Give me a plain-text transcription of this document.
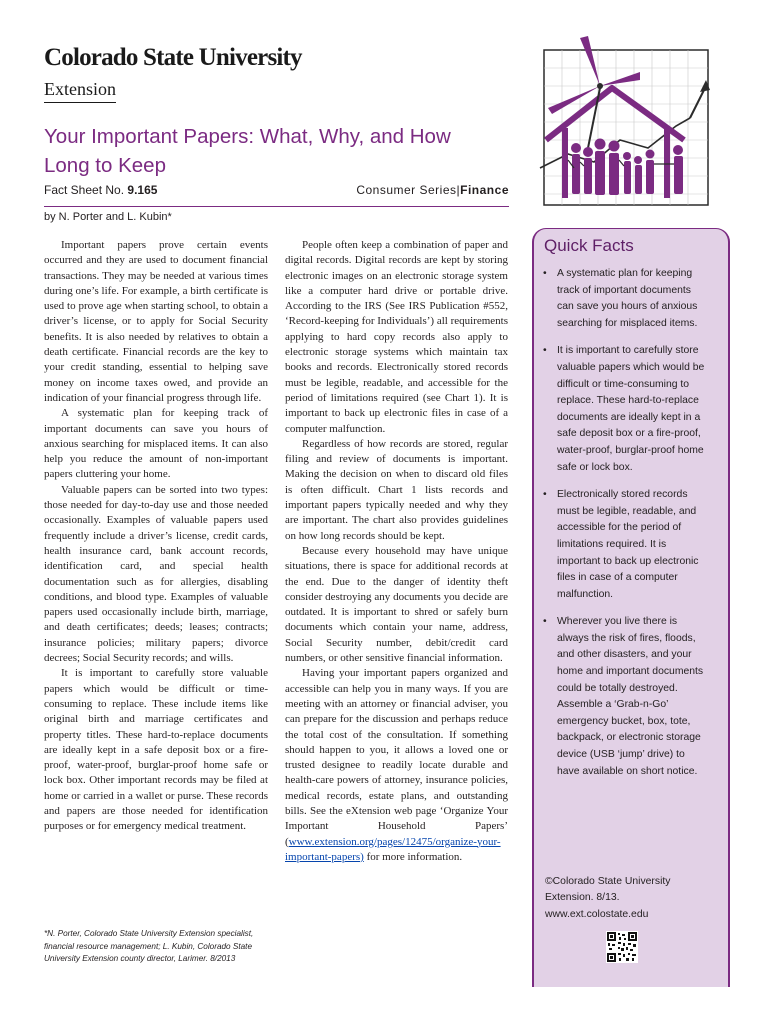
Colorado State University
Extension
Your Important Papers: What, Why, and How Long to Keep
Fact Sheet No. 9.165	Consumer Series|Finance
by N. Porter and L. Kubin*

Important papers prove certain events occurred and they are used to document financial transactions. They may be needed at various times during one’s life. For example, a birth certificate is used to prove age when starting school, to obtain a driver’s license, or to apply for Social Security benefits. It is also needed by relatives to obtain a death certificate. Financial records are the key to your credit standing, essential to helping save money on income taxes owed, and provide an indication of your financial progress through life.

A systematic plan for keeping track of important documents can save you hours of anxious searching for misplaced items. It can also help you reduce the amount of non-important papers cluttering your home.

Valuable papers can be sorted into two types: those needed for day-to-day use and those needed occasionally. Examples of valuable papers used frequently include a driver’s license, credit cards, health insurance card, bank account records, identification card, and special health documentation such as for allergies, disabling conditions, and blood type. Examples of valuable papers used occasionally include birth, marriage, and death certificates; deeds; leases; contracts; insurance policies; military papers; divorce decrees; Social Security records; and wills.

It is important to carefully store valuable papers which would be difficult or time-consuming to replace. These include items like original birth and marriage certificates and property titles. These hard-to-replace documents are ideally kept in a safe deposit box or a fire-proof, water-proof, burglar-proof home safe or lock box. Other important records may be filed at home or carried in a wallet or purse. These records and papers are those needed for identification purposes or for emergency medical treatment.

People often keep a combination of paper and digital records. Digital records are kept by storing electronic images on an electronic storage system like a computer hard drive or portable drive. According to the IRS (See IRS Publication #552, ‘Record-keeping for Individuals’) all requirements applying to hard copy records also apply to electronic storage systems which maintain tax books and records. Electronically stored records must be legible, readable, and accessible for the period of limitations required (see Chart 1). It is important to back up electronic files in case of a computer malfunction.

Regardless of how records are stored, regular filing and review of documents is important. Making the decision on when to discard old files is often difficult. Chart 1 lists records and important papers typically needed and why they are important. The chart also provides guidelines on how long records should be kept.

Because every household may have unique situations, there is space for additional records at the end. Due to the danger of identity theft consider destroying any documents you decide are outdated. It is important to shred or safely burn documents which contain your name, address, Social Security number, debit/credit card numbers, or other sensitive financial information.

Having your important papers organized and accessible can help you in many ways. If you are meeting with an attorney or financial adviser, you can prepare for the discussion and perhaps reduce the total cost of the consultation. If something should happen to you, it allows a loved one or trusted designee to readily locate durable and health-care powers of attorney, insurance policies, medical records, estate plans, and outstanding bills. See the eXtension web page ‘Organize Your Important Household Papers’ (www.extension.org/pages/12475/organize-your-important-papers) for more information.

*N. Porter, Colorado State University Extension specialist, financial resource management; L. Kubin, Colorado State University Extension county director, Larimer. 8/2013
Quick Facts
• A systematic plan for keeping track of important documents can save you hours of anxious searching for misplaced items.
• It is important to carefully store valuable papers which would be difficult or time-consuming to replace. These hard-to-replace documents are ideally kept in a safe deposit box or a fire-proof, water-proof, burglar-proof home safe or lock box.
• Electronically stored records must be legible, readable, and accessible for the period of limitations required. It is important to back up electronic files in case of a computer malfunction.
• Wherever you live there is always the risk of fires, floods, and other disasters, and your home and important documents could be totally destroyed. Assemble a ‘Grab-n-Go’ emergency bucket, box, tote, backpack, or electronic storage device (USB ‘jump’ drive) to have available on short notice.
©Colorado State University Extension. 8/13.
www.ext.colostate.edu
